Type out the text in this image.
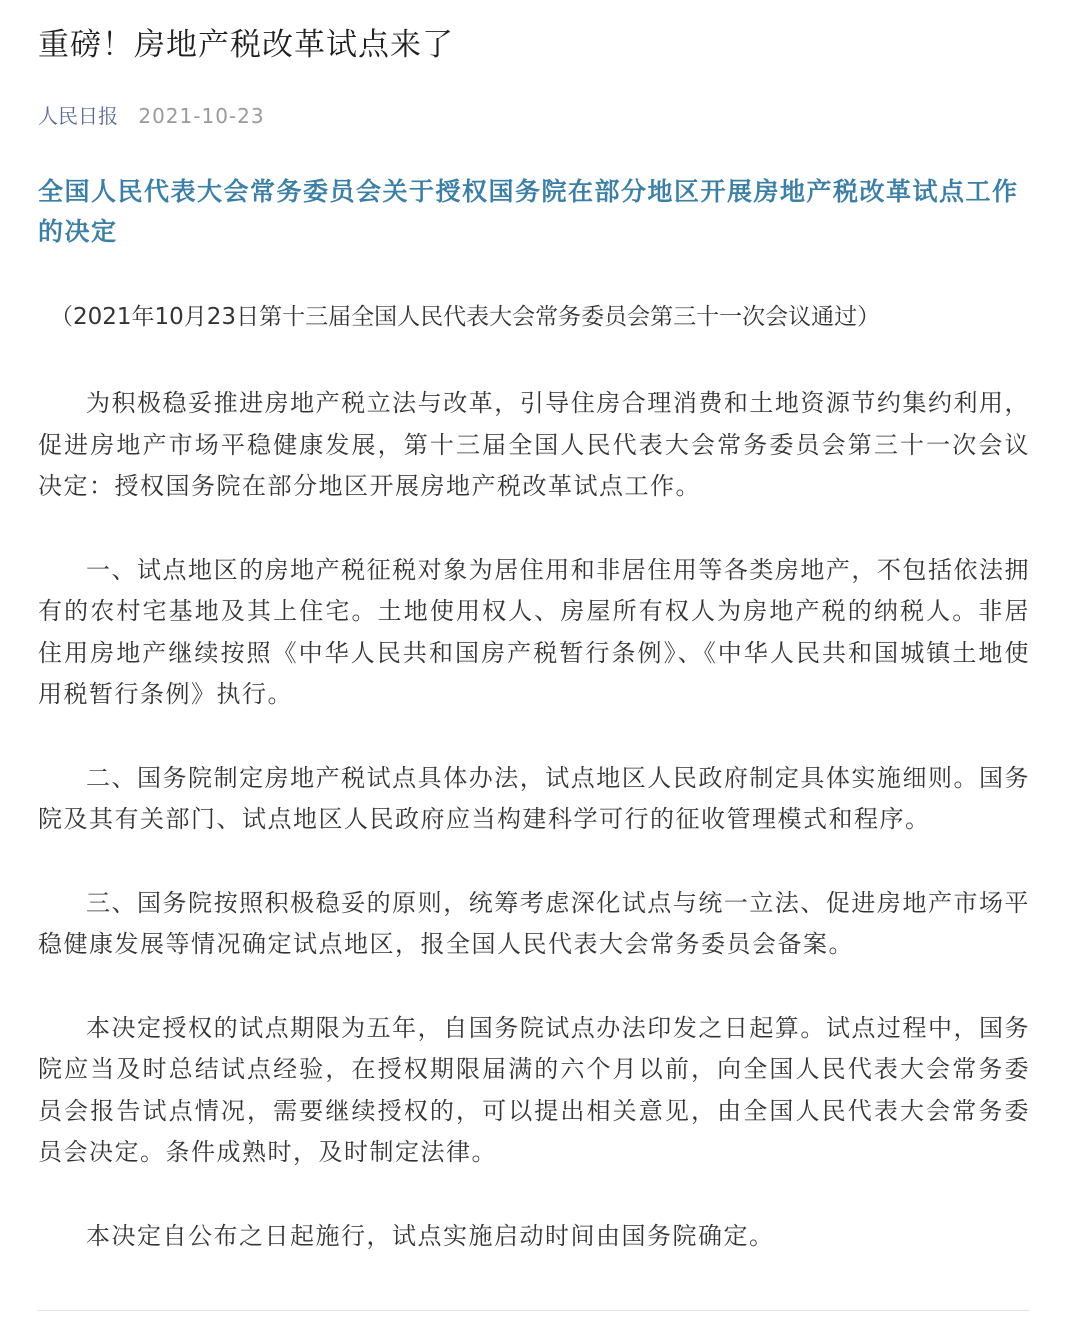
重磅！房地产税改革试点来了
人民日报 2021-10-23
全国人民代表大会常务委员会关于授权国务院在部分地区开展房地产税改革试点工作的决定
（2021年10月23日第十三届全国人民代表大会常务委员会第三十一次会议通过）

为积极稳妥推进房地产税立法与改革，引导住房合理消费和土地资源节约集约利用，促进房地产市场平稳健康发展，第十三届全国人民代表大会常务委员会第三十一次会议决定：授权国务院在部分地区开展房地产税改革试点工作。

一、试点地区的房地产税征税对象为居住用和非居住用等各类房地产，不包括依法拥有的农村宅基地及其上住宅。土地使用权人、房屋所有权人为房地产税的纳税人。非居住用房地产继续按照《中华人民共和国房产税暂行条例》、《中华人民共和国城镇土地使用税暂行条例》执行。

二、国务院制定房地产税试点具体办法，试点地区人民政府制定具体实施细则。国务院及其有关部门、试点地区人民政府应当构建科学可行的征收管理模式和程序。

三、国务院按照积极稳妥的原则，统筹考虑深化试点与统一立法、促进房地产市场平稳健康发展等情况确定试点地区，报全国人民代表大会常务委员会备案。

本决定授权的试点期限为五年，自国务院试点办法印发之日起算。试点过程中，国务院应当及时总结试点经验，在授权期限届满的六个月以前，向全国人民代表大会常务委员会报告试点情况，需要继续授权的，可以提出相关意见，由全国人民代表大会常务委员会决定。条件成熟时，及时制定法律。

本决定自公布之日起施行，试点实施启动时间由国务院确定。
